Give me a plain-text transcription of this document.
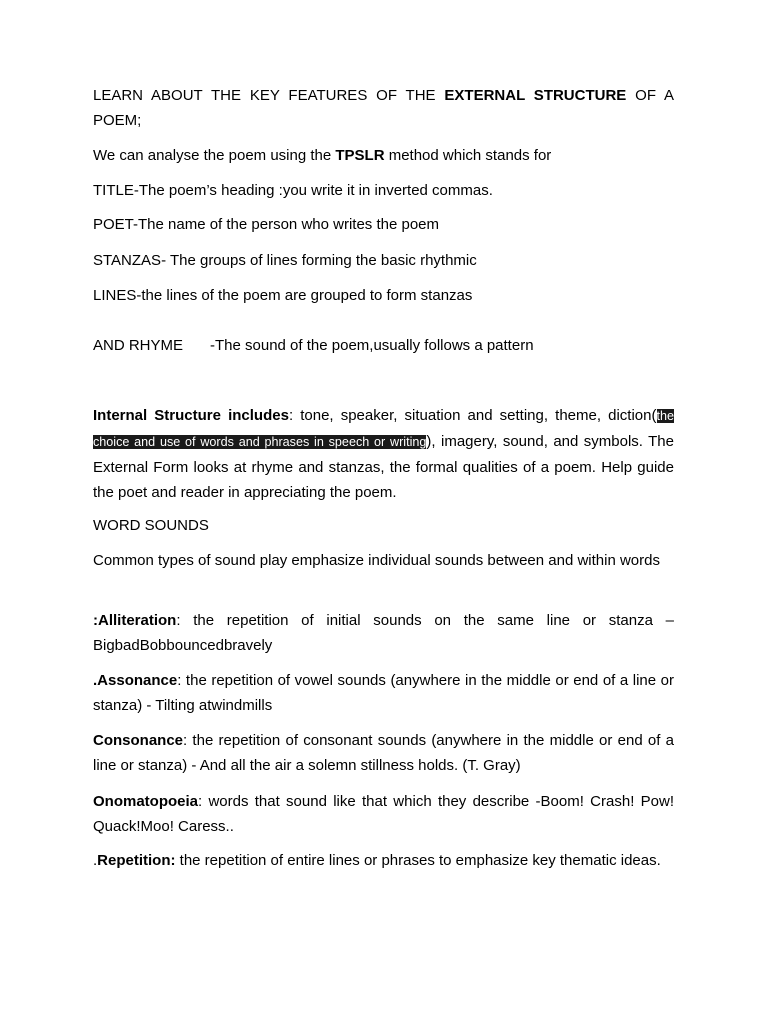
LEARN ABOUT THE KEY FEATURES OF THE EXTERNAL STRUCTURE OF A POEM;

We can analyse the poem using the TPSLR method which stands for

TITLE-The poem’s heading :you write it in inverted commas.

POET-The name of the person who writes the poem

STANZAS- The groups of lines forming the basic rhythmic

LINES-the lines of the poem are grouped to form stanzas

AND RHYME -The sound of the poem,usually follows a pattern

Internal Structure includes: tone, speaker, situation and setting, theme, diction(the choice and use of words and phrases in speech or writing), imagery, sound, and symbols. The External Form looks at rhyme and stanzas, the formal qualities of a poem. Help guide the poet and reader in appreciating the poem.

WORD SOUNDS

Common types of sound play emphasize individual sounds between and within words

:Alliteration: the repetition of initial sounds on the same line or stanza – BigbadBobbouncedbravely

.Assonance: the repetition of vowel sounds (anywhere in the middle or end of a line or stanza) - Tilting atwindmills

Consonance: the repetition of consonant sounds (anywhere in the middle or end of a line or stanza) - And all the air a solemn stillness holds. (T. Gray)

Onomatopoeia: words that sound like that which they describe -Boom! Crash! Pow! Quack!Moo! Caress..

.Repetition: the repetition of entire lines or phrases to emphasize key thematic ideas.
